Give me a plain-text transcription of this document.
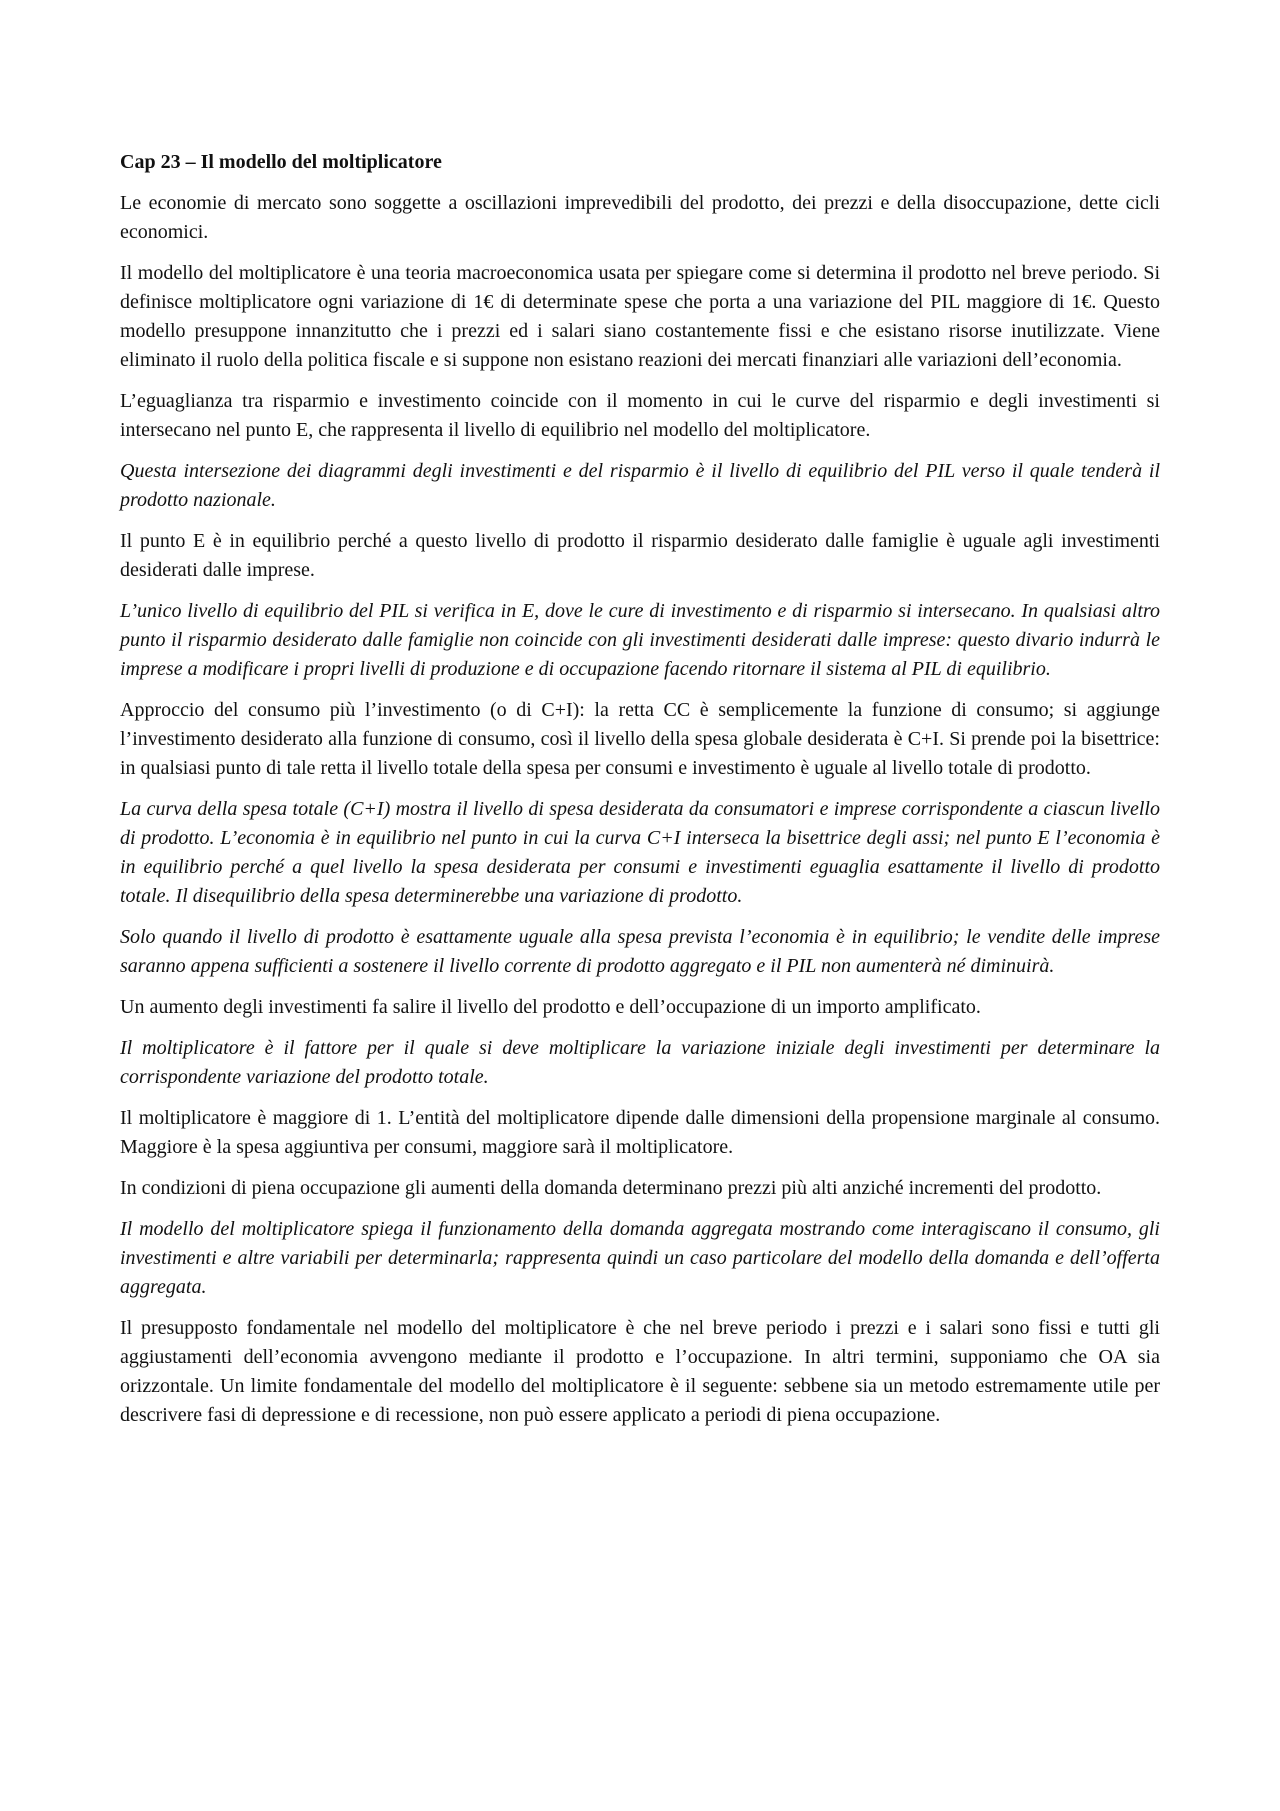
Cap 23 – Il modello del moltiplicatore

Le economie di mercato sono soggette a oscillazioni imprevedibili del prodotto, dei prezzi e della disoccupazione, dette cicli economici.

Il modello del moltiplicatore è una teoria macroeconomica usata per spiegare come si determina il prodotto nel breve periodo. Si definisce moltiplicatore ogni variazione di 1€ di determinate spese che porta a una variazione del PIL maggiore di 1€. Questo modello presuppone innanzitutto che i prezzi ed i salari siano costantemente fissi e che esistano risorse inutilizzate. Viene eliminato il ruolo della politica fiscale e si suppone non esistano reazioni dei mercati finanziari alle variazioni dell’economia.

L’eguaglianza tra risparmio e investimento coincide con il momento in cui le curve del risparmio e degli investimenti si intersecano nel punto E, che rappresenta il livello di equilibrio nel modello del moltiplicatore.

Questa intersezione dei diagrammi degli investimenti e del risparmio è il livello di equilibrio del PIL verso il quale tenderà il prodotto nazionale.

Il punto E è in equilibrio perché a questo livello di prodotto il risparmio desiderato dalle famiglie è uguale agli investimenti desiderati dalle imprese.

L’unico livello di equilibrio del PIL si verifica in E, dove le cure di investimento e di risparmio si intersecano. In qualsiasi altro punto il risparmio desiderato dalle famiglie non coincide con gli investimenti desiderati dalle imprese: questo divario indurrà le imprese a modificare i propri livelli di produzione e di occupazione facendo ritornare il sistema al PIL di equilibrio.

Approccio del consumo più l’investimento (o di C+I): la retta CC è semplicemente la funzione di consumo; si aggiunge l’investimento desiderato alla funzione di consumo, così il livello della spesa globale desiderata è C+I. Si prende poi la bisettrice: in qualsiasi punto di tale retta il livello totale della spesa per consumi e investimento è uguale al livello totale di prodotto.

La curva della spesa totale (C+I) mostra il livello di spesa desiderata da consumatori e imprese corrispondente a ciascun livello di prodotto. L’economia è in equilibrio nel punto in cui la curva C+I interseca la bisettrice degli assi; nel punto E l’economia è in equilibrio perché a quel livello la spesa desiderata per consumi e investimenti eguaglia esattamente il livello di prodotto totale. Il disequilibrio della spesa determinerebbe una variazione di prodotto.

Solo quando il livello di prodotto è esattamente uguale alla spesa prevista l’economia è in equilibrio; le vendite delle imprese saranno appena sufficienti a sostenere il livello corrente di prodotto aggregato e il PIL non aumenterà né diminuirà.

Un aumento degli investimenti fa salire il livello del prodotto e dell’occupazione di un importo amplificato.

Il moltiplicatore è il fattore per il quale si deve moltiplicare la variazione iniziale degli investimenti per determinare la corrispondente variazione del prodotto totale.

Il moltiplicatore è maggiore di 1. L’entità del moltiplicatore dipende dalle dimensioni della propensione marginale al consumo. Maggiore è la spesa aggiuntiva per consumi, maggiore sarà il moltiplicatore.

In condizioni di piena occupazione gli aumenti della domanda determinano prezzi più alti anziché incrementi del prodotto.

Il modello del moltiplicatore spiega il funzionamento della domanda aggregata mostrando come interagiscano il consumo, gli investimenti e altre variabili per determinarla; rappresenta quindi un caso particolare del modello della domanda e dell’offerta aggregata.

Il presupposto fondamentale nel modello del moltiplicatore è che nel breve periodo i prezzi e i salari sono fissi e tutti gli aggiustamenti dell’economia avvengono mediante il prodotto e l’occupazione. In altri termini, supponiamo che OA sia orizzontale. Un limite fondamentale del modello del moltiplicatore è il seguente: sebbene sia un metodo estremamente utile per descrivere fasi di depressione e di recessione, non può essere applicato a periodi di piena occupazione.
